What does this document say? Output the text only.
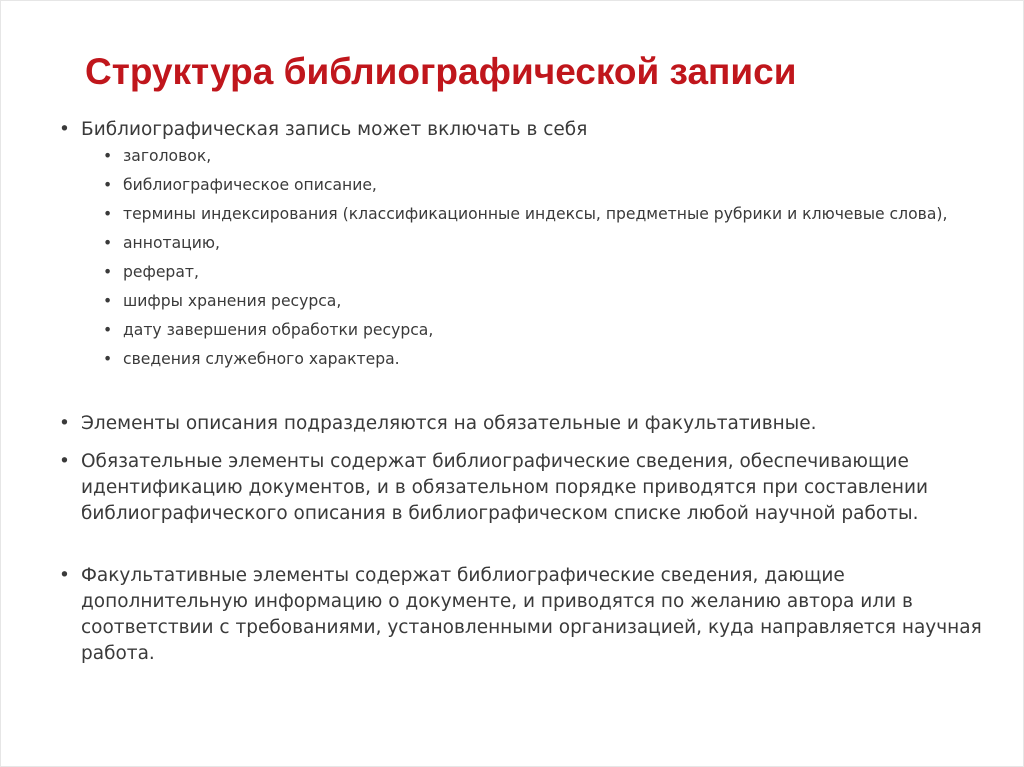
Структура библиографической записи
• Библиографическая запись может включать в себя
• заголовок,
• библиографическое описание,
• термины индексирования (классификационные индексы, предметные рубрики и ключевые слова),
• аннотацию,
• реферат,
• шифры хранения ресурса,
• дату завершения обработки ресурса,
• сведения служебного характера.
• Элементы описания подразделяются на обязательные и факультативные.
• Обязательные элементы содержат библиографические сведения, обеспечивающие идентификацию документов, и в обязательном порядке приводятся при составлении библиографического описания в библиографическом списке любой научной работы.
• Факультативные элементы содержат библиографические сведения, дающие дополнительную информацию о документе, и приводятся по желанию автора или в соответствии с требованиями, установленными организацией, куда направляется научная работа.
